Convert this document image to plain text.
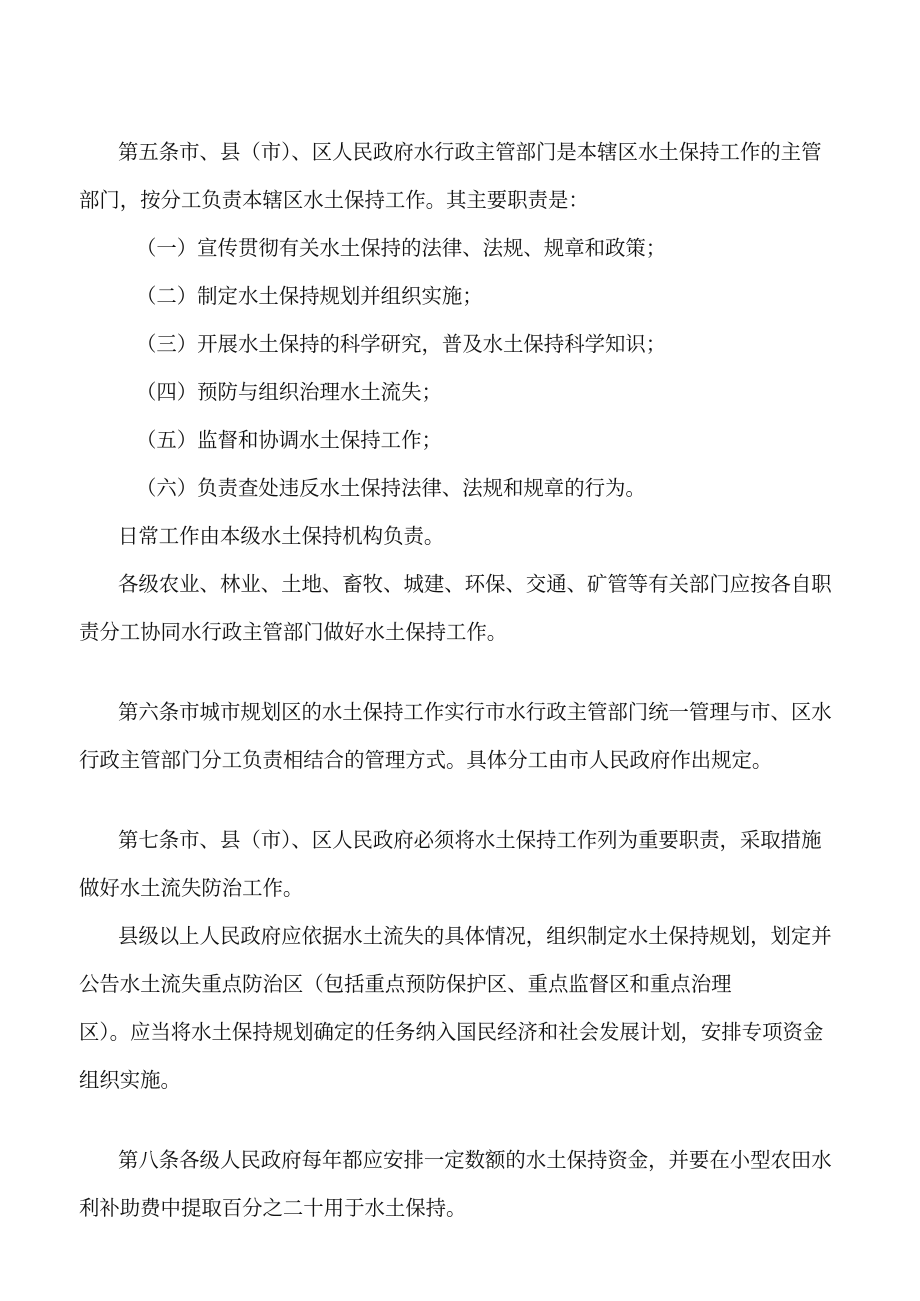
第五条市、县（市）、区人民政府水行政主管部门是本辖区水土保持工作的主管

部门，按分工负责本辖区水土保持工作。其主要职责是：

（一）宣传贯彻有关水土保持的法律、法规、规章和政策；

（二）制定水土保持规划并组织实施；

（三）开展水土保持的科学研究，普及水土保持科学知识；

（四）预防与组织治理水土流失；

（五）监督和协调水土保持工作；

（六）负责查处违反水土保持法律、法规和规章的行为。

日常工作由本级水土保持机构负责。

各级农业、林业、土地、畜牧、城建、环保、交通、矿管等有关部门应按各自职

责分工协同水行政主管部门做好水土保持工作。

第六条市城市规划区的水土保持工作实行市水行政主管部门统一管理与市、区水

行政主管部门分工负责相结合的管理方式。具体分工由市人民政府作出规定。

第七条市、县（市）、区人民政府必须将水土保持工作列为重要职责，采取措施

做好水土流失防治工作。

县级以上人民政府应依据水土流失的具体情况，组织制定水土保持规划，划定并

公告水土流失重点防治区（包括重点预防保护区、重点监督区和重点治理

区）。应当将水土保持规划确定的任务纳入国民经济和社会发展计划，安排专项资金

组织实施。

第八条各级人民政府每年都应安排一定数额的水土保持资金，并要在小型农田水

利补助费中提取百分之二十用于水土保持。
